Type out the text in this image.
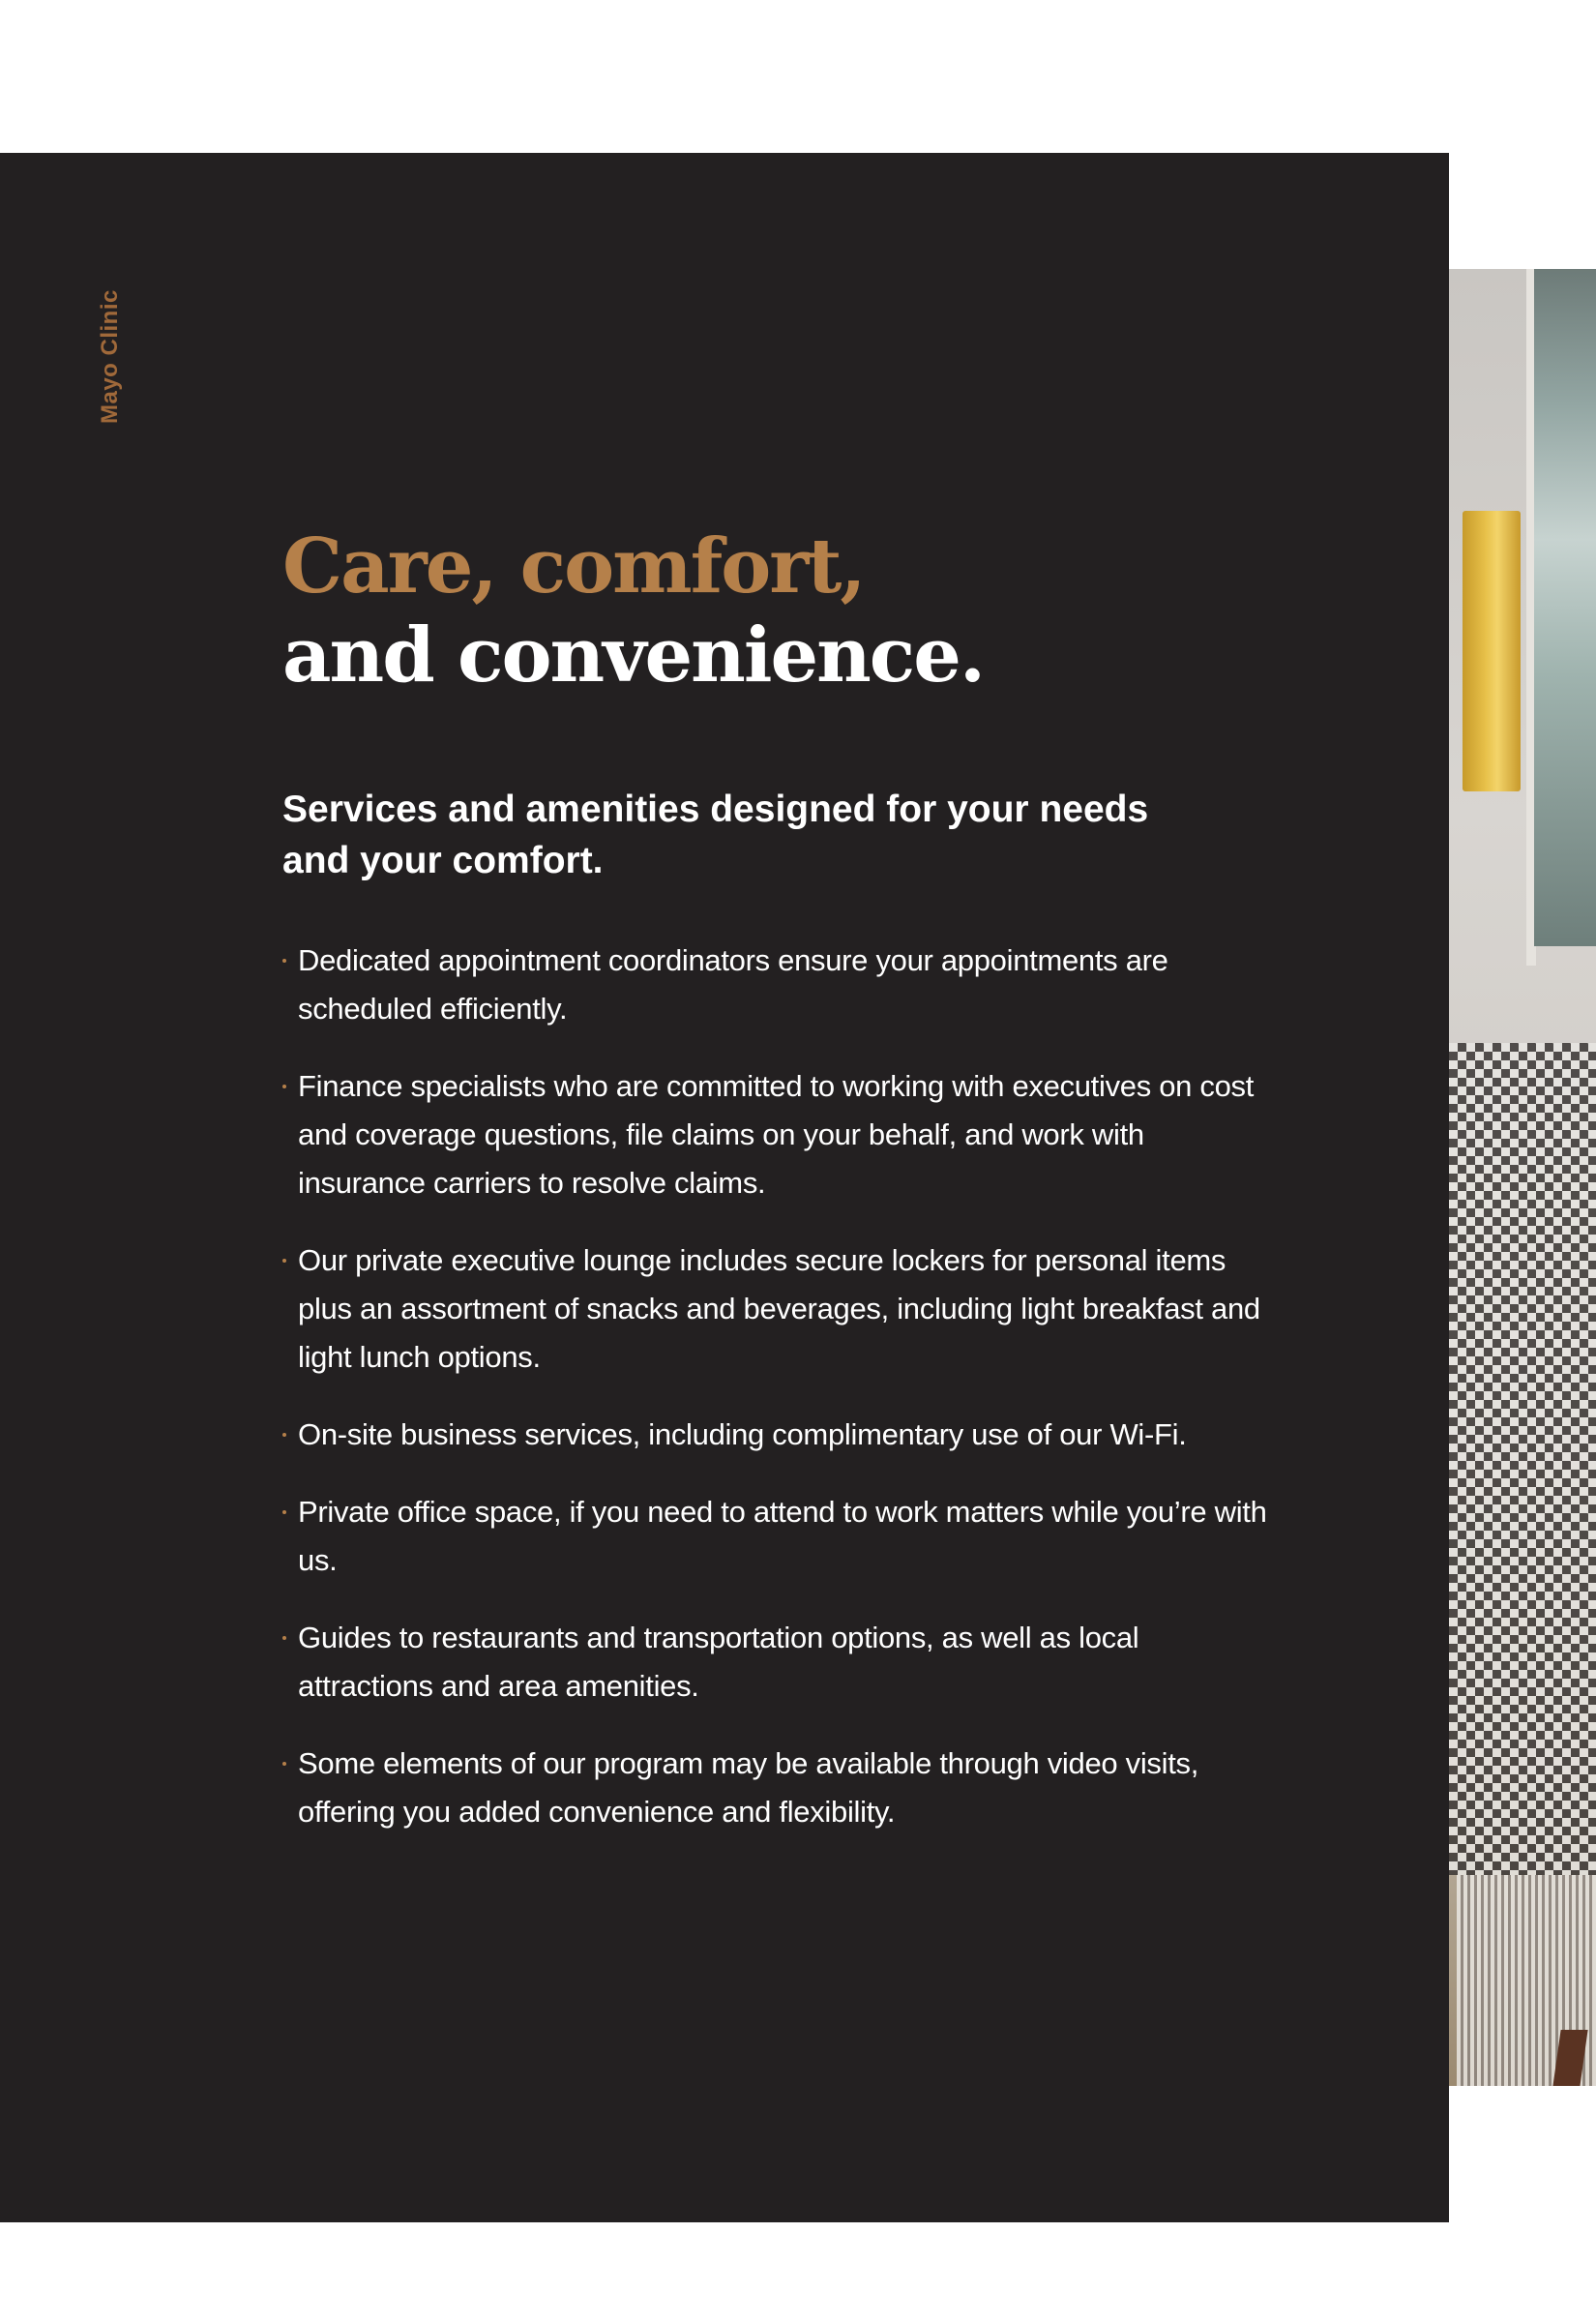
Mayo Clinic
Care, comfort,
and convenience.

Services and amenities designed for your needs and your comfort.

Dedicated appointment coordinators ensure your appointments are scheduled efficiently.
Finance specialists who are committed to working with executives on cost and coverage questions, file claims on your behalf, and work with insurance carriers to resolve claims.
Our private executive lounge includes secure lockers for personal items plus an assortment of snacks and beverages, including light breakfast and light lunch options.
On-site business services, including complimentary use of our Wi-Fi.
Private office space, if you need to attend to work matters while you’re with us.
Guides to restaurants and transportation options, as well as local attractions and area amenities.
Some elements of our program may be available through video visits, offering you added convenience and flexibility.
